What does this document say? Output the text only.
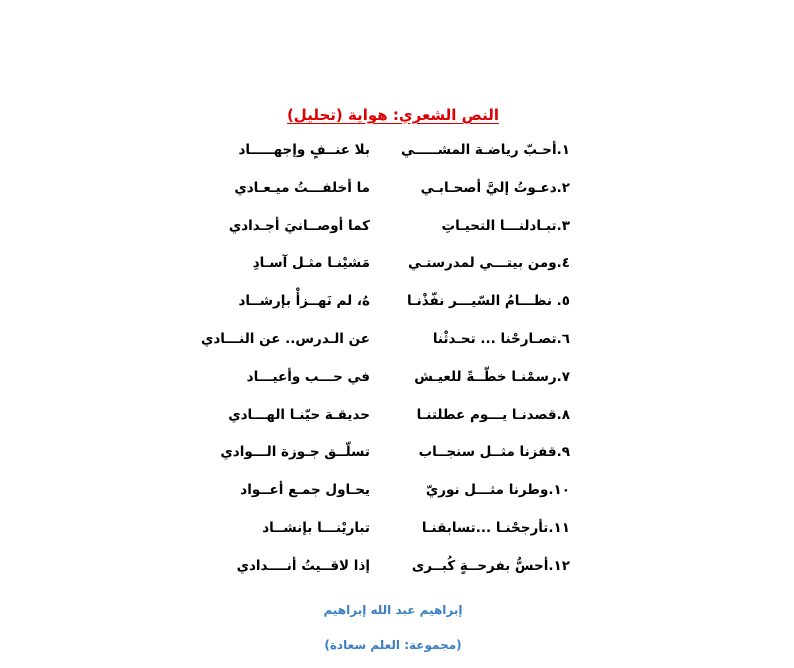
النص الشعري: هواية (تحليل)
١.أحـبّ رياضـة المشـــــي
بلا عنــفٍ وإجهـــــاد
٢.دعـوتُ إليَّ أصحـابـي
ما أخلفـــتُ ميـعـادي
٣.تبـادلنـــا التحيـاتِ
كما أوصــانيَ أجـدادي
٤.ومن بيتـــي لمدرستـي
مَشيْنـا مثـل آسـادِ
٥. نظـــامُ السّيـــر نفّذْنـا
هُ، لم نَهــزأْ بإرشــاد
٦.تصـارحْنا ... تحـدثْنا
عن الـدرس.. عن النـــادي
٧.رسمْنـا خطّــةً للعيـش
في حـــب وأعيـــاد
٨.قصدنـا يـــوم عطلتنـا
حديقـة حيّنـا الهـــادي
٩.قفزنا مثــل سنجــاب
تسلّــق جـوزة الـــوادي
١٠.وطرنا مثـــل نوريّ
يحـاول جمـع أعــواد
١١.تأرجحْنـا ...تسابقنـا
تباريْنـــا بإنشــاد
١٢.أحسُّ بفرحــةٍ كُبــرى
إذا لاقــيتُ أنــــدادي
إبراهيم عبد الله إبراهيم
(مجموعة: العلم سعادة)
